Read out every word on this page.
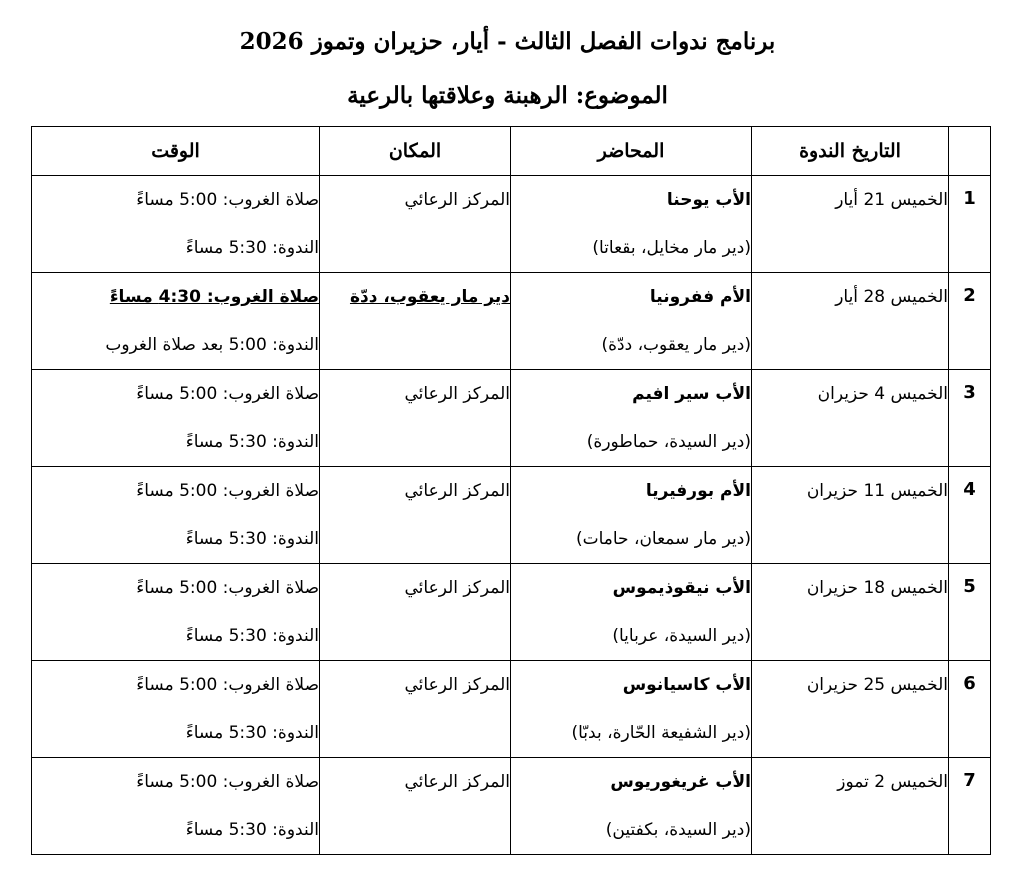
برنامج ندوات الفصل الثالث - أيار، حزيران وتموز 2026
الموضوع: الرهبنة وعلاقتها بالرعية
	التاريخ الندوة	المحاضر	المكان	الوقت

1	الخميس 21 أيار	الأب يوحنا
(دير مار مخايل، بقعاتا)	المركز الرعائي	صلاة الغروب: 5:00 مساءً
الندوة: 5:30 مساءً

2	الخميس 28 أيار	الأم ففرونيا
(دير مار يعقوب، ددّة)	دير مار يعقوب، ددّة	صلاة الغروب: 4:30 مساءً
الندوة: 5:00 بعد صلاة الغروب

3	الخميس 4 حزيران	الأب سير افيم
(دير السيدة، حماطورة)	المركز الرعائي	صلاة الغروب: 5:00 مساءً
الندوة: 5:30 مساءً

4	الخميس 11 حزيران	الأم بورفيريا
(دير مار سمعان، حامات)	المركز الرعائي	صلاة الغروب: 5:00 مساءً
الندوة: 5:30 مساءً

5	الخميس 18 حزيران	الأب نيقوذيموس
(دير السيدة، عربايا)	المركز الرعائي	صلاة الغروب: 5:00 مساءً
الندوة: 5:30 مساءً

6	الخميس 25 حزيران	الأب كاسيانوس
(دير الشفيعة الحّارة، بدبّا)	المركز الرعائي	صلاة الغروب: 5:00 مساءً
الندوة: 5:30 مساءً

7	الخميس 2 تموز	الأب غريغوريوس
(دير السيدة، بكفتين)	المركز الرعائي	صلاة الغروب: 5:00 مساءً
الندوة: 5:30 مساءً
